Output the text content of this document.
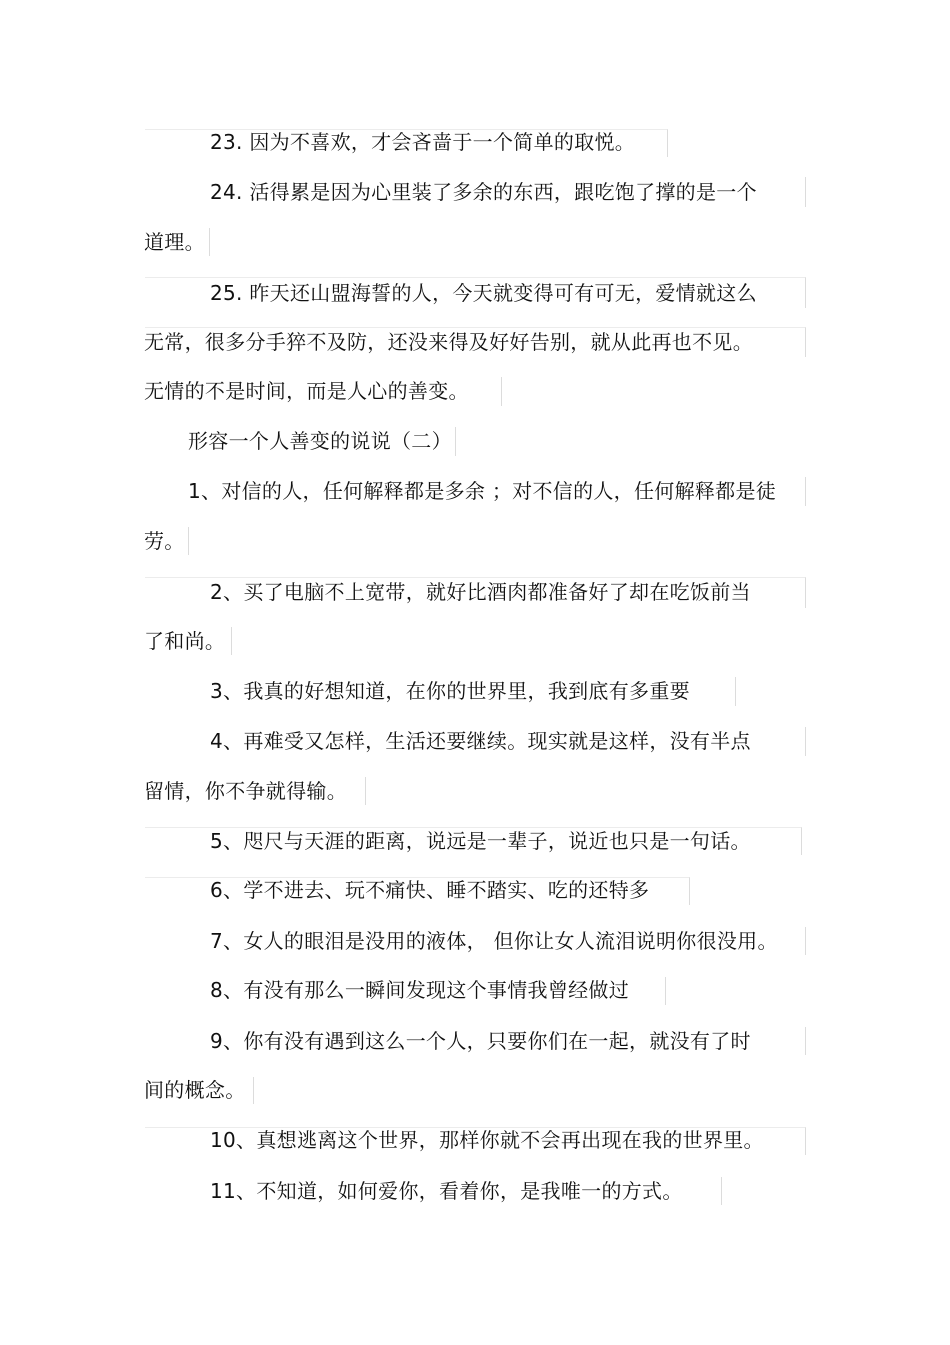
23. 因为不喜欢，才会吝啬于一个简单的取悦。
24. 活得累是因为心里装了多余的东西，跟吃饱了撑的是一个
道理。
25. 昨天还山盟海誓的人，今天就变得可有可无，爱情就这么
无常，很多分手猝不及防，还没来得及好好告别，就从此再也不见。
无情的不是时间，而是人心的善变。
形容一个人善变的说说（二）
1、对信的人，任何解释都是多余 ；对不信的人，任何解释都是徒
劳。
2、买了电脑不上宽带，就好比酒肉都准备好了却在吃饭前当
了和尚。
3、我真的好想知道，在你的世界里，我到底有多重要
4、再难受又怎样，生活还要继续。现实就是这样，没有半点
留情，你不争就得输。
5、咫尺与天涯的距离，说远是一辈子，说近也只是一句话。
6、学不进去、玩不痛快、睡不踏实、吃的还特多
7、女人的眼泪是没用的液体， 但你让女人流泪说明你很没用。
8、有没有那么一瞬间发现这个事情我曾经做过
9、你有没有遇到这么一个人，只要你们在一起，就没有了时
间的概念。
10、真想逃离这个世界，那样你就不会再出现在我的世界里。
11、不知道，如何爱你，看着你，是我唯一的方式。
